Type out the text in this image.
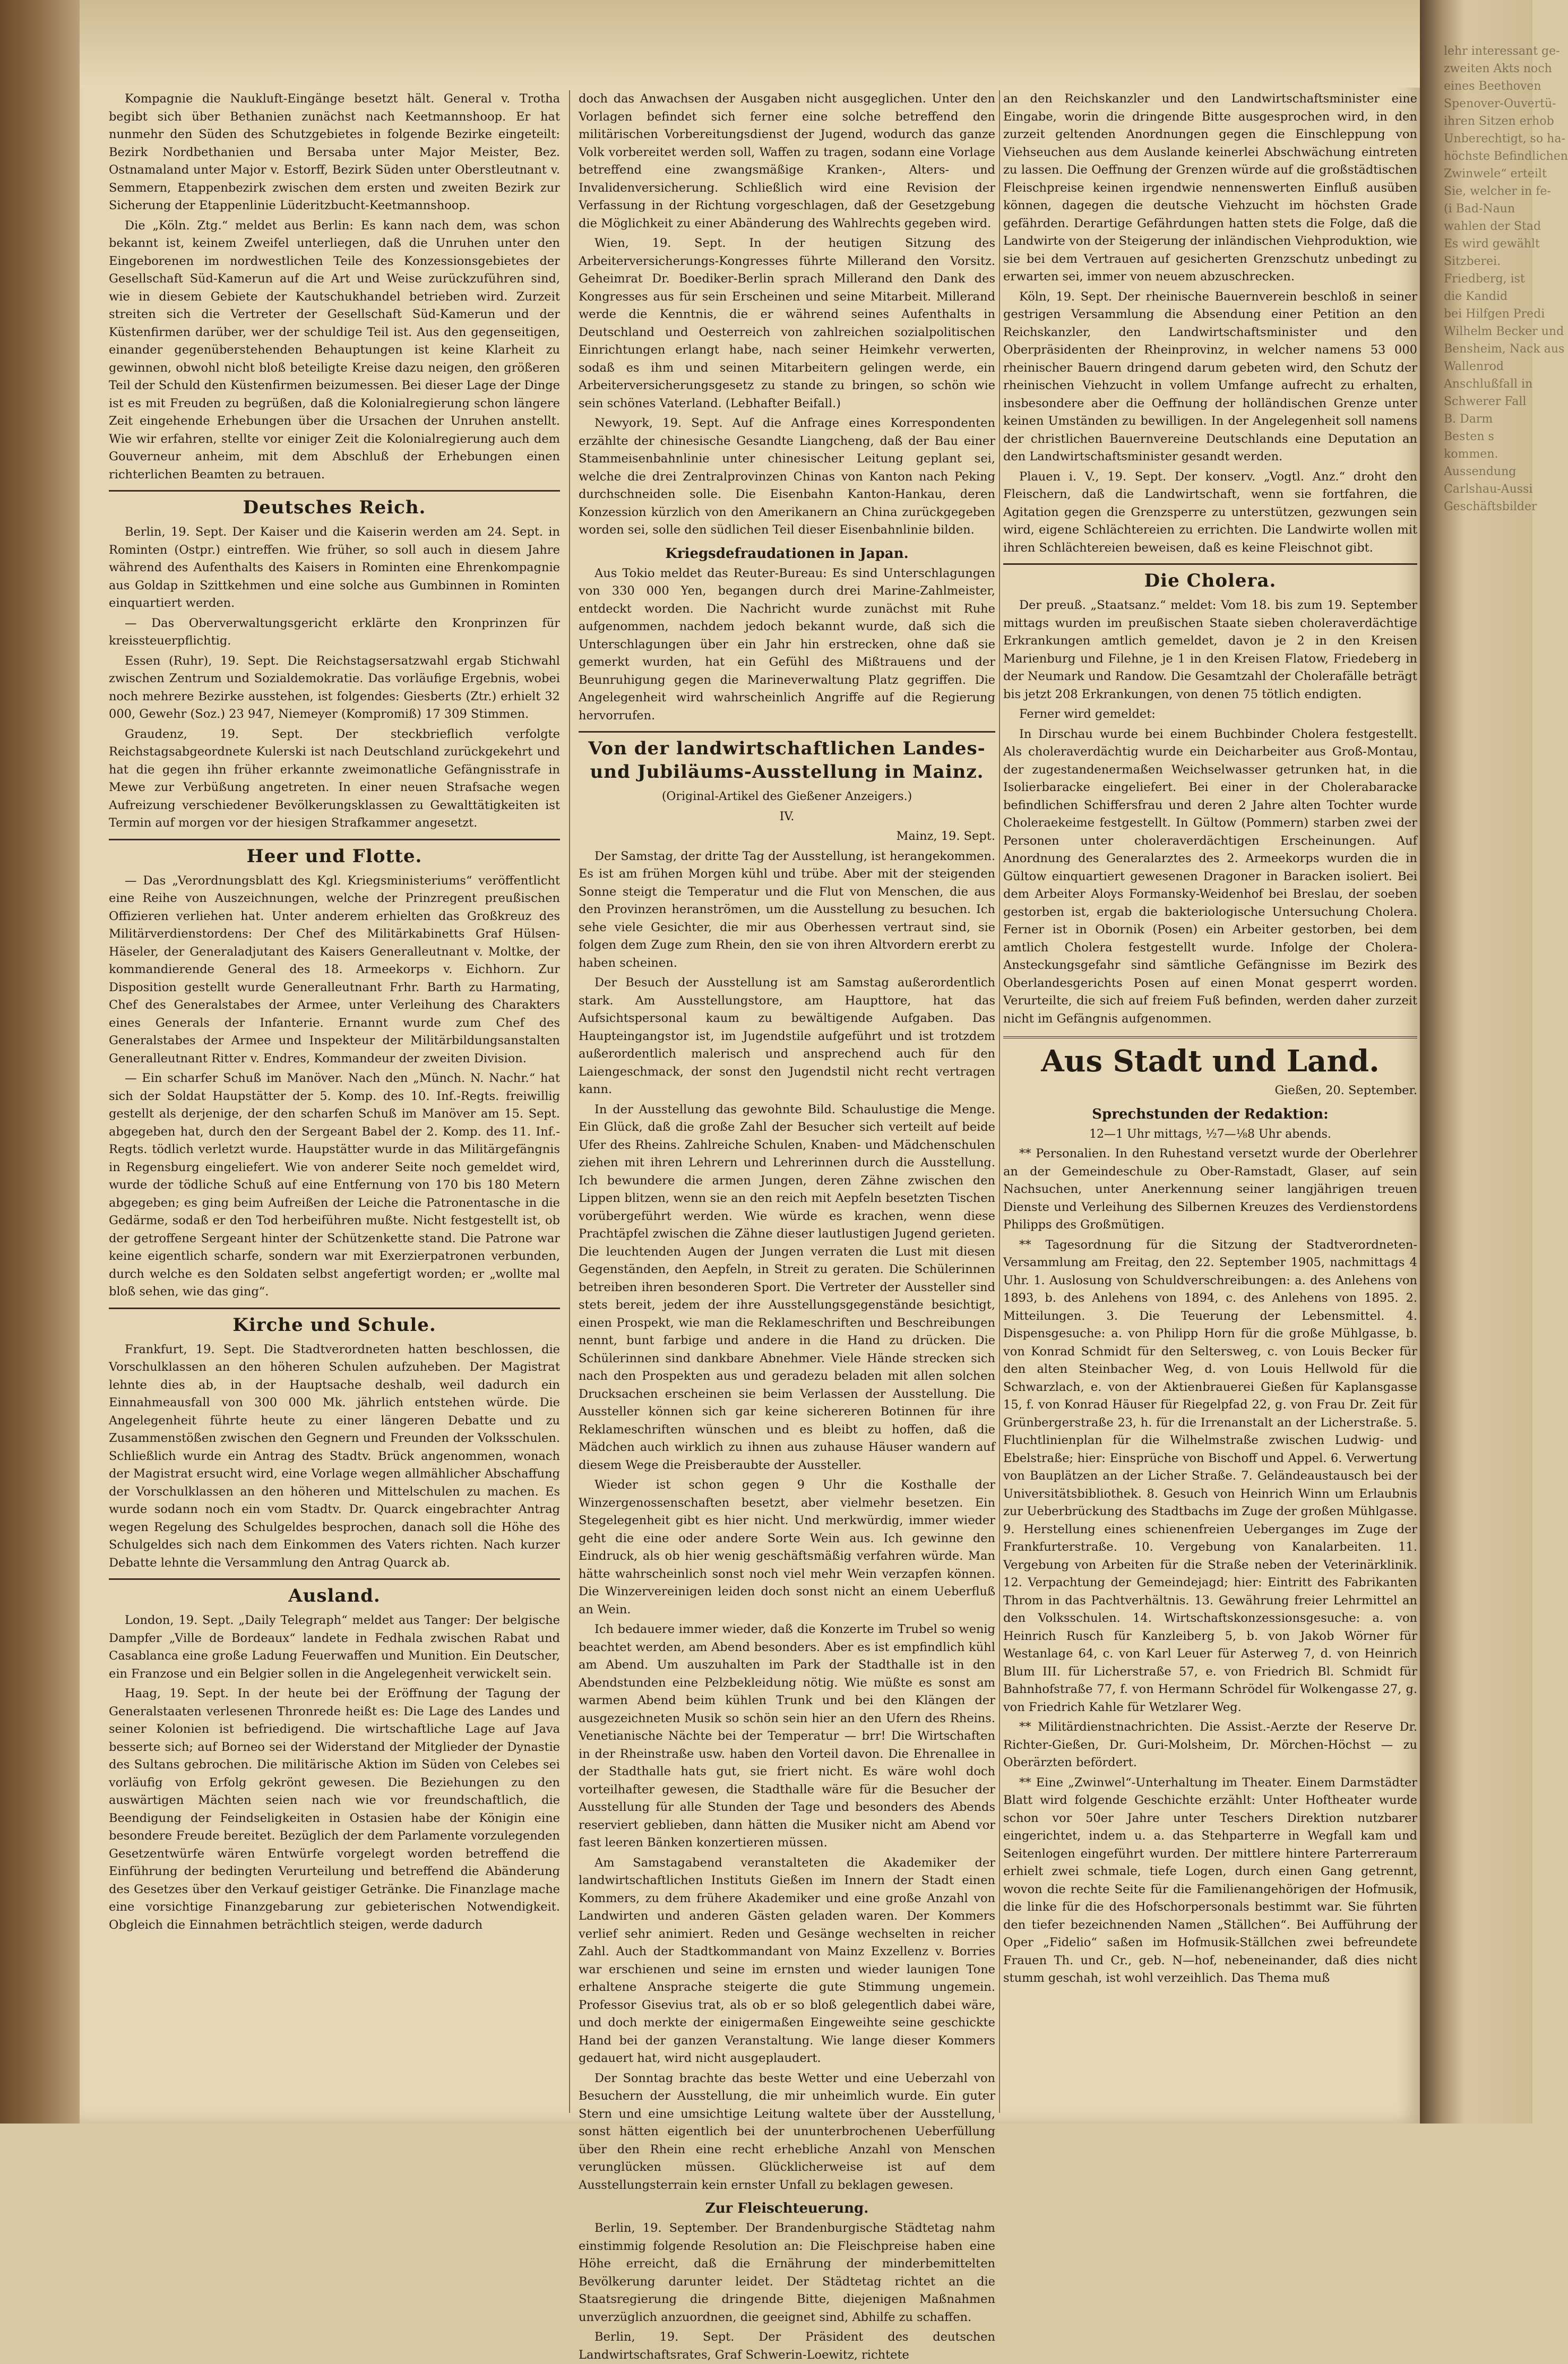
Kompagnie die Naukluft-Eingänge besetzt hält. General v. Trotha begibt sich über Bethanien zunächst nach Keetmannshoop. Er hat nunmehr den Süden des Schutzgebietes in folgende Bezirke eingeteilt: Bezirk Nordbethanien und Bersaba unter Major Meister, Bez. Ostnamaland unter Major v. Estorff, Bezirk Süden unter Oberstleutnant v. Semmern, Etappenbezirk zwischen dem ersten und zweiten Bezirk zur Sicherung der Etappenlinie Lüderitzbucht-Keetmannshoop.

Die „Köln. Ztg.“ meldet aus Berlin: Es kann nach dem, was schon bekannt ist, keinem Zweifel unterliegen, daß die Unruhen unter den Eingeborenen im nordwestlichen Teile des Konzessionsgebietes der Gesellschaft Süd-Kamerun auf die Art und Weise zurückzuführen sind, wie in diesem Gebiete der Kautschukhandel betrieben wird. Zurzeit streiten sich die Vertreter der Gesellschaft Süd-Kamerun und der Küstenfirmen darüber, wer der schuldige Teil ist. Aus den gegenseitigen, einander gegenüberstehenden Behauptungen ist keine Klarheit zu gewinnen, obwohl nicht bloß beteiligte Kreise dazu neigen, den größeren Teil der Schuld den Küstenfirmen beizumessen. Bei dieser Lage der Dinge ist es mit Freuden zu begrüßen, daß die Kolonialregierung schon längere Zeit eingehende Erhebungen über die Ursachen der Unruhen anstellt. Wie wir erfahren, stellte vor einiger Zeit die Kolonialregierung auch dem Gouverneur anheim, mit dem Abschluß der Erhebungen einen richterlichen Beamten zu betrauen.

Deutsches Reich.

Berlin, 19. Sept. Der Kaiser und die Kaiserin werden am 24. Sept. in Rominten (Ostpr.) eintreffen. Wie früher, so soll auch in diesem Jahre während des Aufenthalts des Kaisers in Rominten eine Ehrenkompagnie aus Goldap in Szittkehmen und eine solche aus Gumbinnen in Rominten einquartiert werden.

— Das Oberverwaltungsgericht erklärte den Kronprinzen für kreissteuerpflichtig.

Essen (Ruhr), 19. Sept. Die Reichstagsersatzwahl ergab Stichwahl zwischen Zentrum und Sozialdemokratie. Das vorläufige Ergebnis, wobei noch mehrere Bezirke ausstehen, ist folgendes: Giesberts (Ztr.) erhielt 32 000, Gewehr (Soz.) 23 947, Niemeyer (Kompromiß) 17 309 Stimmen.

Graudenz, 19. Sept. Der steckbrieflich verfolgte Reichstagsabgeordnete Kulerski ist nach Deutschland zurückgekehrt und hat die gegen ihn früher erkannte zweimonatliche Gefängnisstrafe in Mewe zur Verbüßung angetreten. In einer neuen Strafsache wegen Aufreizung verschiedener Bevölkerungsklassen zu Gewalttätigkeiten ist Termin auf morgen vor der hiesigen Strafkammer angesetzt.

Heer und Flotte.

— Das „Verordnungsblatt des Kgl. Kriegsministeriums“ veröffentlicht eine Reihe von Auszeichnungen, welche der Prinzregent preußischen Offizieren verliehen hat. Unter anderem erhielten das Großkreuz des Militärverdienstordens: Der Chef des Militärkabinetts Graf Hülsen-Häseler, der Generaladjutant des Kaisers Generalleutnant v. Moltke, der kommandierende General des 18. Armeekorps v. Eichhorn. Zur Disposition gestellt wurde Generalleutnant Frhr. Barth zu Harmating, Chef des Generalstabes der Armee, unter Verleihung des Charakters eines Generals der Infanterie. Ernannt wurde zum Chef des Generalstabes der Armee und Inspekteur der Militärbildungsanstalten Generalleutnant Ritter v. Endres, Kommandeur der zweiten Division.

— Ein scharfer Schuß im Manöver. Nach den „Münch. N. Nachr.“ hat sich der Soldat Haupstätter der 5. Komp. des 10. Inf.-Regts. freiwillig gestellt als derjenige, der den scharfen Schuß im Manöver am 15. Sept. abgegeben hat, durch den der Sergeant Babel der 2. Komp. des 11. Inf.-Regts. tödlich verletzt wurde. Haupstätter wurde in das Militärgefängnis in Regensburg eingeliefert. Wie von anderer Seite noch gemeldet wird, wurde der tödliche Schuß auf eine Entfernung von 170 bis 180 Metern abgegeben; es ging beim Aufreißen der Leiche die Patronentasche in die Gedärme, sodaß er den Tod herbeiführen mußte. Nicht festgestellt ist, ob der getroffene Sergeant hinter der Schützenkette stand. Die Patrone war keine eigentlich scharfe, sondern war mit Exerzierpatronen verbunden, durch welche es den Soldaten selbst angefertigt worden; er „wollte mal bloß sehen, wie das ging“.

Kirche und Schule.

Frankfurt, 19. Sept. Die Stadtverordneten hatten beschlossen, die Vorschulklassen an den höheren Schulen aufzuheben. Der Magistrat lehnte dies ab, in der Hauptsache deshalb, weil dadurch ein Einnahmeausfall von 300 000 Mk. jährlich entstehen würde. Die Angelegenheit führte heute zu einer längeren Debatte und zu Zusammenstößen zwischen den Gegnern und Freunden der Volksschulen. Schließlich wurde ein Antrag des Stadtv. Brück angenommen, wonach der Magistrat ersucht wird, eine Vorlage wegen allmählicher Abschaffung der Vorschulklassen an den höheren und Mittelschulen zu machen. Es wurde sodann noch ein vom Stadtv. Dr. Quarck eingebrachter Antrag wegen Regelung des Schulgeldes besprochen, danach soll die Höhe des Schulgeldes sich nach dem Einkommen des Vaters richten. Nach kurzer Debatte lehnte die Versammlung den Antrag Quarck ab.

Ausland.

London, 19. Sept. „Daily Telegraph“ meldet aus Tanger: Der belgische Dampfer „Ville de Bordeaux“ landete in Fedhala zwischen Rabat und Casablanca eine große Ladung Feuerwaffen und Munition. Ein Deutscher, ein Franzose und ein Belgier sollen in die Angelegenheit verwickelt sein.

Haag, 19. Sept. In der heute bei der Eröffnung der Tagung der Generalstaaten verlesenen Thronrede heißt es: Die Lage des Landes und seiner Kolonien ist befriedigend. Die wirtschaftliche Lage auf Java besserte sich; auf Borneo sei der Widerstand der Mitglieder der Dynastie des Sultans gebrochen. Die militärische Aktion im Süden von Celebes sei vorläufig von Erfolg gekrönt gewesen. Die Beziehungen zu den auswärtigen Mächten seien nach wie vor freundschaftlich, die Beendigung der Feindseligkeiten in Ostasien habe der Königin eine besondere Freude bereitet. Bezüglich der dem Parlamente vorzulegenden Gesetzentwürfe wären Entwürfe vorgelegt worden betreffend die Einführung der bedingten Verurteilung und betreffend die Abänderung des Gesetzes über den Verkauf geistiger Getränke. Die Finanzlage mache eine vorsichtige Finanzgebarung zur gebieterischen Notwendigkeit. Obgleich die Einnahmen beträchtlich steigen, werde dadurch

doch das Anwachsen der Ausgaben nicht ausgeglichen. Unter den Vorlagen befindet sich ferner eine solche betreffend den militärischen Vorbereitungsdienst der Jugend, wodurch das ganze Volk vorbereitet werden soll, Waffen zu tragen, sodann eine Vorlage betreffend eine zwangsmäßige Kranken-, Alters- und Invalidenversicherung. Schließlich wird eine Revision der Verfassung in der Richtung vorgeschlagen, daß der Gesetzgebung die Möglichkeit zu einer Abänderung des Wahlrechts gegeben wird.

Wien, 19. Sept. In der heutigen Sitzung des Arbeiterversicherungs-Kongresses führte Millerand den Vorsitz. Geheimrat Dr. Boediker-Berlin sprach Millerand den Dank des Kongresses aus für sein Erscheinen und seine Mitarbeit. Millerand werde die Kenntnis, die er während seines Aufenthalts in Deutschland und Oesterreich von zahlreichen sozialpolitischen Einrichtungen erlangt habe, nach seiner Heimkehr verwerten, sodaß es ihm und seinen Mitarbeitern gelingen werde, ein Arbeiterversicherungsgesetz zu stande zu bringen, so schön wie sein schönes Vaterland. (Lebhafter Beifall.)

Newyork, 19. Sept. Auf die Anfrage eines Korrespondenten erzählte der chinesische Gesandte Liangcheng, daß der Bau einer Stammeisenbahnlinie unter chinesischer Leitung geplant sei, welche die drei Zentralprovinzen Chinas von Kanton nach Peking durchschneiden solle. Die Eisenbahn Kanton-Hankau, deren Konzession kürzlich von den Amerikanern an China zurückgegeben worden sei, solle den südlichen Teil dieser Eisenbahnlinie bilden.

Kriegsdefraudationen in Japan.

Aus Tokio meldet das Reuter-Bureau: Es sind Unterschlagungen von 330 000 Yen, begangen durch drei Marine-Zahlmeister, entdeckt worden. Die Nachricht wurde zunächst mit Ruhe aufgenommen, nachdem jedoch bekannt wurde, daß sich die Unterschlagungen über ein Jahr hin erstrecken, ohne daß sie gemerkt wurden, hat ein Gefühl des Mißtrauens und der Beunruhigung gegen die Marineverwaltung Platz gegriffen. Die Angelegenheit wird wahrscheinlich Angriffe auf die Regierung hervorrufen.

Von der landwirtschaftlichen Landes- und Jubiläums-Ausstellung in Mainz.

(Original-Artikel des Gießener Anzeigers.)

IV.

Mainz, 19. Sept.

Der Samstag, der dritte Tag der Ausstellung, ist herangekommen. Es ist am frühen Morgen kühl und trübe. Aber mit der steigenden Sonne steigt die Temperatur und die Flut von Menschen, die aus den Provinzen heranströmen, um die Ausstellung zu besuchen. Ich sehe viele Gesichter, die mir aus Oberhessen vertraut sind, sie folgen dem Zuge zum Rhein, den sie von ihren Altvordern ererbt zu haben scheinen.

Der Besuch der Ausstellung ist am Samstag außerordentlich stark. Am Ausstellungstore, am Haupttore, hat das Aufsichtspersonal kaum zu bewältigende Aufgaben. Das Haupteingangstor ist, im Jugendstile aufgeführt und ist trotzdem außerordentlich malerisch und ansprechend auch für den Laiengeschmack, der sonst den Jugendstil nicht recht vertragen kann.

In der Ausstellung das gewohnte Bild. Schaulustige die Menge. Ein Glück, daß die große Zahl der Besucher sich verteilt auf beide Ufer des Rheins. Zahlreiche Schulen, Knaben- und Mädchenschulen ziehen mit ihren Lehrern und Lehrerinnen durch die Ausstellung. Ich bewundere die armen Jungen, deren Zähne zwischen den Lippen blitzen, wenn sie an den reich mit Aepfeln besetzten Tischen vorübergeführt werden. Wie würde es krachen, wenn diese Prachtäpfel zwischen die Zähne dieser lautlustigen Jugend gerieten. Die leuchtenden Augen der Jungen verraten die Lust mit diesen Gegenständen, den Aepfeln, in Streit zu geraten. Die Schülerinnen betreiben ihren besonderen Sport. Die Vertreter der Aussteller sind stets bereit, jedem der ihre Ausstellungsgegenstände besichtigt, einen Prospekt, wie man die Reklameschriften und Beschreibungen nennt, bunt farbige und andere in die Hand zu drücken. Die Schülerinnen sind dankbare Abnehmer. Viele Hände strecken sich nach den Prospekten aus und geradezu beladen mit allen solchen Drucksachen erscheinen sie beim Verlassen der Ausstellung. Die Aussteller können sich gar keine sichereren Botinnen für ihre Reklameschriften wünschen und es bleibt zu hoffen, daß die Mädchen auch wirklich zu ihnen aus zuhause Häuser wandern auf diesem Wege die Preisberaubte der Aussteller.

Wieder ist schon gegen 9 Uhr die Kosthalle der Winzergenossenschaften besetzt, aber vielmehr besetzen. Ein Stegelegenheit gibt es hier nicht. Und merkwürdig, immer wieder geht die eine oder andere Sorte Wein aus. Ich gewinne den Eindruck, als ob hier wenig geschäftsmäßig verfahren würde. Man hätte wahrscheinlich sonst noch viel mehr Wein verzapfen können. Die Winzervereinigen leiden doch sonst nicht an einem Ueberfluß an Wein.

Ich bedauere immer wieder, daß die Konzerte im Trubel so wenig beachtet werden, am Abend besonders. Aber es ist empfindlich kühl am Abend. Um auszuhalten im Park der Stadthalle ist in den Abendstunden eine Pelzbekleidung nötig. Wie müßte es sonst am warmen Abend beim kühlen Trunk und bei den Klängen der ausgezeichneten Musik so schön sein hier an den Ufern des Rheins. Venetianische Nächte bei der Temperatur — brr! Die Wirtschaften in der Rheinstraße usw. haben den Vorteil davon. Die Ehrenallee in der Stadthalle hats gut, sie friert nicht. Es wäre wohl doch vorteilhafter gewesen, die Stadthalle wäre für die Besucher der Ausstellung für alle Stunden der Tage und besonders des Abends reserviert geblieben, dann hätten die Musiker nicht am Abend vor fast leeren Bänken konzertieren müssen.

Am Samstagabend veranstalteten die Akademiker der landwirtschaftlichen Instituts Gießen im Innern der Stadt einen Kommers, zu dem frühere Akademiker und eine große Anzahl von Landwirten und anderen Gästen geladen waren. Der Kommers verlief sehr animiert. Reden und Gesänge wechselten in reicher Zahl. Auch der Stadtkommandant von Mainz Exzellenz v. Borries war erschienen und seine im ernsten und wieder launigen Tone erhaltene Ansprache steigerte die gute Stimmung ungemein. Professor Gisevius trat, als ob er so bloß gelegentlich dabei wäre, und doch merkte der einigermaßen Eingeweihte seine geschickte Hand bei der ganzen Veranstaltung. Wie lange dieser Kommers gedauert hat, wird nicht ausgeplaudert.

Der Sonntag brachte das beste Wetter und eine Ueberzahl von Besuchern der Ausstellung, die mir unheimlich wurde. Ein guter Stern und eine umsichtige Leitung waltete über der Ausstellung, sonst hätten eigentlich bei der ununterbrochenen Ueberfüllung über den Rhein eine recht erhebliche Anzahl von Menschen verunglücken müssen. Glücklicherweise ist auf dem Ausstellungsterrain kein ernster Unfall zu beklagen gewesen.

Zur Fleischteuerung.

Berlin, 19. September. Der Brandenburgische Städtetag nahm einstimmig folgende Resolution an: Die Fleischpreise haben eine Höhe erreicht, daß die Ernährung der minderbemittelten Bevölkerung darunter leidet. Der Städtetag richtet an die Staatsregierung die dringende Bitte, diejenigen Maßnahmen unverzüglich anzuordnen, die geeignet sind, Abhilfe zu schaffen.

Berlin, 19. Sept. Der Präsident des deutschen Landwirtschaftsrates, Graf Schwerin-Loewitz, richtete

an den Reichskanzler und den Landwirtschaftsminister eine Eingabe, worin die dringende Bitte ausgesprochen wird, in den zurzeit geltenden Anordnungen gegen die Einschleppung von Viehseuchen aus dem Auslande keinerlei Abschwächung eintreten zu lassen. Die Oeffnung der Grenzen würde auf die großstädtischen Fleischpreise keinen irgendwie nennenswerten Einfluß ausüben können, dagegen die deutsche Viehzucht im höchsten Grade gefährden. Derartige Gefährdungen hatten stets die Folge, daß die Landwirte von der Steigerung der inländischen Viehproduktion, wie sie bei dem Vertrauen auf gesicherten Grenzschutz unbedingt zu erwarten sei, immer von neuem abzuschrecken.

Köln, 19. Sept. Der rheinische Bauernverein beschloß in seiner gestrigen Versammlung die Absendung einer Petition an den Reichskanzler, den Landwirtschaftsminister und den Oberpräsidenten der Rheinprovinz, in welcher namens 53 000 rheinischer Bauern dringend darum gebeten wird, den Schutz der rheinischen Viehzucht in vollem Umfange aufrecht zu erhalten, insbesondere aber die Oeffnung der holländischen Grenze unter keinen Umständen zu bewilligen. In der Angelegenheit soll namens der christlichen Bauernvereine Deutschlands eine Deputation an den Landwirtschaftsminister gesandt werden.

Plauen i. V., 19. Sept. Der konserv. „Vogtl. Anz.“ droht den Fleischern, daß die Landwirtschaft, wenn sie fortfahren, die Agitation gegen die Grenzsperre zu unterstützen, gezwungen sein wird, eigene Schlächtereien zu errichten. Die Landwirte wollen mit ihren Schlächtereien beweisen, daß es keine Fleischnot gibt.

Die Cholera.

Der preuß. „Staatsanz.“ meldet: Vom 18. bis zum 19. September mittags wurden im preußischen Staate sieben choleraverdächtige Erkrankungen amtlich gemeldet, davon je 2 in den Kreisen Marienburg und Filehne, je 1 in den Kreisen Flatow, Friedeberg in der Neumark und Randow. Die Gesamtzahl der Cholerafälle beträgt bis jetzt 208 Erkrankungen, von denen 75 tötlich endigten.

Ferner wird gemeldet:

In Dirschau wurde bei einem Buchbinder Cholera festgestellt. Als choleraverdächtig wurde ein Deicharbeiter aus Groß-Montau, der zugestandenermaßen Weichselwasser getrunken hat, in die Isolierbaracke eingeliefert. Bei einer in der Cholerabaracke befindlichen Schiffersfrau und deren 2 Jahre alten Tochter wurde Choleraekeime festgestellt. In Gültow (Pommern) starben zwei der Personen unter choleraverdächtigen Erscheinungen. Auf Anordnung des Generalarztes des 2. Armeekorps wurden die in Gültow einquartiert gewesenen Dragoner in Baracken isoliert. Bei dem Arbeiter Aloys Formansky-Weidenhof bei Breslau, der soeben gestorben ist, ergab die bakteriologische Untersuchung Cholera. Ferner ist in Obornik (Posen) ein Arbeiter gestorben, bei dem amtlich Cholera festgestellt wurde. Infolge der Cholera-Ansteckungsgefahr sind sämtliche Gefängnisse im Bezirk des Oberlandesgerichts Posen auf einen Monat gesperrt worden. Verurteilte, die sich auf freiem Fuß befinden, werden daher zurzeit nicht im Gefängnis aufgenommen.

Aus Stadt und Land.

Gießen, 20. September.

Sprechstunden der Redaktion:

12—1 Uhr mittags, ½7—⅛8 Uhr abends.

** Personalien. In den Ruhestand versetzt wurde der Oberlehrer an der Gemeindeschule zu Ober-Ramstadt, Glaser, auf sein Nachsuchen, unter Anerkennung seiner langjährigen treuen Dienste und Verleihung des Silbernen Kreuzes des Verdienstordens Philipps des Großmütigen.

** Tagesordnung für die Sitzung der Stadtverordneten-Versammlung am Freitag, den 22. September 1905, nachmittags 4 Uhr. 1. Auslosung von Schuldverschreibungen: a. des Anlehens von 1893, b. des Anlehens von 1894, c. des Anlehens von 1895. 2. Mitteilungen. 3. Die Teuerung der Lebensmittel. 4. Dispensgesuche: a. von Philipp Horn für die große Mühlgasse, b. von Konrad Schmidt für den Seltersweg, c. von Louis Becker für den alten Steinbacher Weg, d. von Louis Hellwold für die Schwarzlach, e. von der Aktienbrauerei Gießen für Kaplansgasse 15, f. von Konrad Häuser für Riegelpfad 22, g. von Frau Dr. Zeit für Grünbergerstraße 23, h. für die Irrenanstalt an der Licherstraße. 5. Fluchtlinienplan für die Wilhelmstraße zwischen Ludwig- und Ebelstraße; hier: Einsprüche von Bischoff und Appel. 6. Verwertung von Bauplätzen an der Licher Straße. 7. Geländeaustausch bei der Universitätsbibliothek. 8. Gesuch von Heinrich Winn um Erlaubnis zur Ueberbrückung des Stadtbachs im Zuge der großen Mühlgasse. 9. Herstellung eines schienenfreien Ueberganges im Zuge der Frankfurterstraße. 10. Vergebung von Kanalarbeiten. 11. Vergebung von Arbeiten für die Straße neben der Veterinärklinik. 12. Verpachtung der Gemeindejagd; hier: Eintritt des Fabrikanten Throm in das Pachtverhältnis. 13. Gewährung freier Lehrmittel an den Volksschulen. 14. Wirtschaftskonzessionsgesuche: a. von Heinrich Rusch für Kanzleiberg 5, b. von Jakob Wörner für Westanlage 64, c. von Karl Leuer für Asterweg 7, d. von Heinrich Blum III. für Licherstraße 57, e. von Friedrich Bl. Schmidt für Bahnhofstraße 77, f. von Hermann Schrödel für Wolkengasse 27, g. von Friedrich Kahle für Wetzlarer Weg.

** Militärdienstnachrichten. Die Assist.-Aerzte der Reserve Dr. Richter-Gießen, Dr. Guri-Molsheim, Dr. Mörchen-Höchst — zu Oberärzten befördert.

** Eine „Zwinwel“-Unterhaltung im Theater. Einem Darmstädter Blatt wird folgende Geschichte erzählt: Unter Hoftheater wurde schon vor 50er Jahre unter Teschers Direktion nutzbarer eingerichtet, indem u. a. das Stehparterre in Wegfall kam und Seitenlogen eingeführt wurden. Der mittlere hintere Parterreraum erhielt zwei schmale, tiefe Logen, durch einen Gang getrennt, wovon die rechte Seite für die Familienangehörigen der Hofmusik, die linke für die des Hofschorpersonals bestimmt war. Sie führten den tiefer bezeichnenden Namen „Ställchen“. Bei Aufführung der Oper „Fidelio“ saßen im Hofmusik-Ställchen zwei befreundete Frauen Th. und Cr., geb. N—hof, nebeneinander, daß dies nicht stumm geschah, ist wohl verzeihlich. Das Thema muß

lehr interessant ge-
zweiten Akts noch
eines Beethoven
Spenover-Ouvertü-
ihren Sitzen erhob
Unberechtigt, so ha-
höchste Befindlichen
Zwinwele“ erteilt
Sie, welcher in fe-
(i Bad-Naun
wahlen der Stad
Es wird gewählt
Sitzberei.
Friedberg, ist
die Kandid
bei Hilfgen Predi
Wilhelm Becker und
Bensheim, Nack aus
Wallenrod
Anschlußfall in
Schwerer Fall
B. Darm
Besten s
kommen.
Aussendung
Carlshau-Aussi
Geschäftsbilder
